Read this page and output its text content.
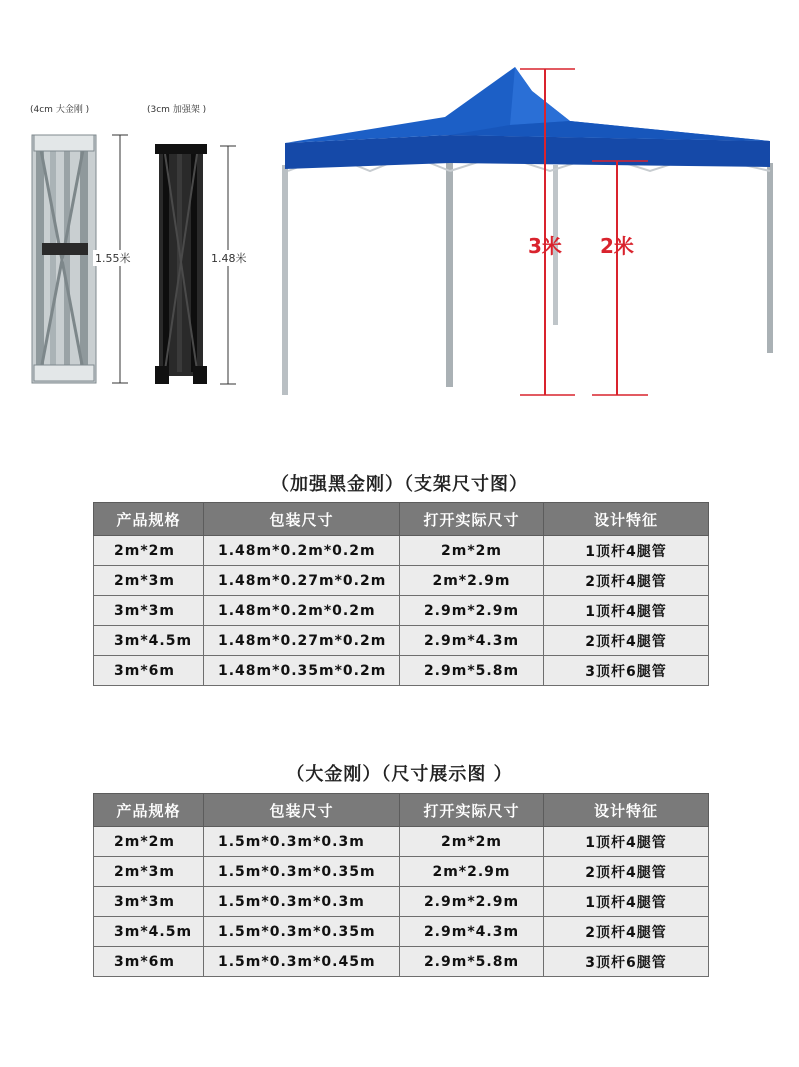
(4cm 大金刚 )
1.55米
(3cm 加强架 )
1.48米
3米 2米
（加强黑金刚）（支架尺寸图）
产品规格	包装尺寸	打开实际尺寸	设计特征
2m*2m	1.48m*0.2m*0.2m	2m*2m	1顶杆4腿管
2m*3m	1.48m*0.27m*0.2m	2m*2.9m	2顶杆4腿管
3m*3m	1.48m*0.2m*0.2m	2.9m*2.9m	1顶杆4腿管
3m*4.5m	1.48m*0.27m*0.2m	2.9m*4.3m	2顶杆4腿管
3m*6m	1.48m*0.35m*0.2m	2.9m*5.8m	3顶杆6腿管
（大金刚）（尺寸展示图 ）
产品规格	包装尺寸	打开实际尺寸	设计特征
2m*2m	1.5m*0.3m*0.3m	2m*2m	1顶杆4腿管
2m*3m	1.5m*0.3m*0.35m	2m*2.9m	2顶杆4腿管
3m*3m	1.5m*0.3m*0.3m	2.9m*2.9m	1顶杆4腿管
3m*4.5m	1.5m*0.3m*0.35m	2.9m*4.3m	2顶杆4腿管
3m*6m	1.5m*0.3m*0.45m	2.9m*5.8m	3顶杆6腿管
